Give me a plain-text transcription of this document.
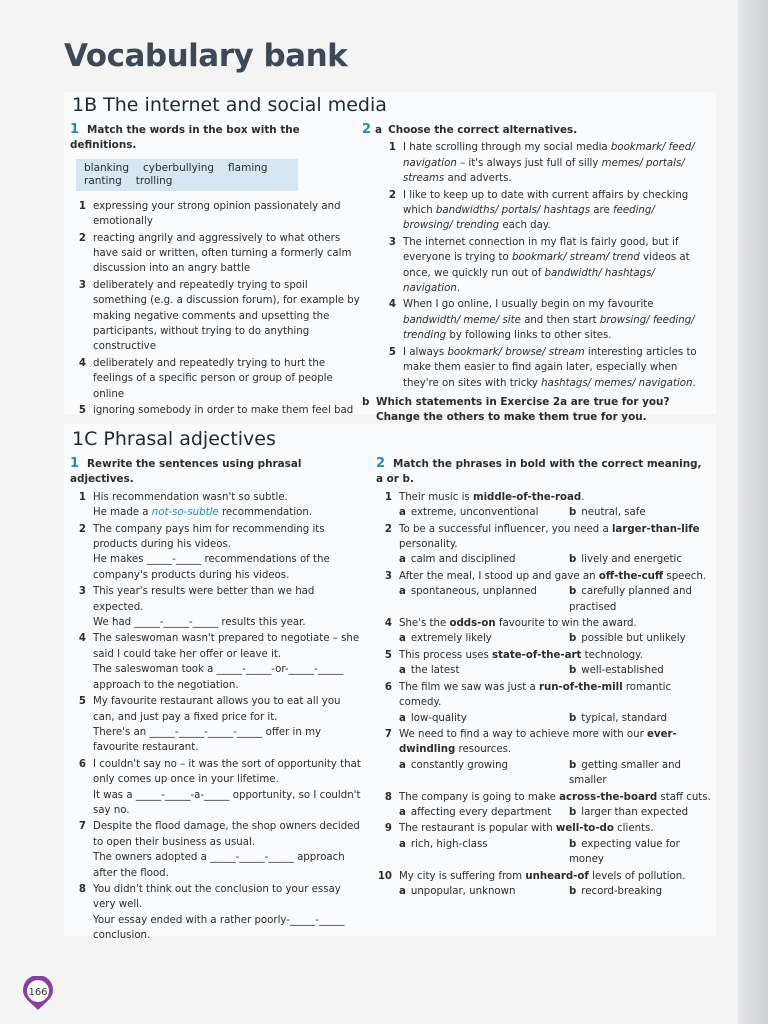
Vocabulary bank
1B The internet and social media
1 Match the words in the box with the definitions.
blanking cyberbullying flaming
ranting trolling
1 expressing your strong opinion passionately and emotionally
2 reacting angrily and aggressively to what others have said or written, often turning a formerly calm discussion into an angry battle
3 deliberately and repeatedly trying to spoil something (e.g. a discussion forum), for example by making negative comments and upsetting the participants, without trying to do anything constructive
4 deliberately and repeatedly trying to hurt the feelings of a specific person or group of people online
5 ignoring somebody in order to make them feel bad
2 a Choose the correct alternatives.
1 I hate scrolling through my social media bookmark/ feed/ navigation – it's always just full of silly memes/ portals/ streams and adverts.
2 I like to keep up to date with current affairs by checking which bandwidths/ portals/ hashtags are feeding/ browsing/ trending each day.
3 The internet connection in my flat is fairly good, but if everyone is trying to bookmark/ stream/ trend videos at once, we quickly run out of bandwidth/ hashtags/ navigation.
4 When I go online, I usually begin on my favourite bandwidth/ meme/ site and then start browsing/ feeding/ trending by following links to other sites.
5 I always bookmark/ browse/ stream interesting articles to make them easier to find again later, especially when they're on sites with tricky hashtags/ memes/ navigation.
b Which statements in Exercise 2a are true for you? Change the others to make them true for you.
1C Phrasal adjectives
1 Rewrite the sentences using phrasal adjectives.
1 His recommendation wasn't so subtle.
He made a not-so-subtle recommendation.
2 The company pays him for recommending its products during his videos.
He makes _____-_____ recommendations of the company's products during his videos.
3 This year's results were better than we had expected.
We had _____-_____-_____ results this year.
4 The saleswoman wasn't prepared to negotiate – she said I could take her offer or leave it.
The saleswoman took a _____-_____-or-_____-_____ approach to the negotiation.
5 My favourite restaurant allows you to eat all you can, and just pay a fixed price for it.
There's an _____-_____-_____-_____ offer in my favourite restaurant.
6 I couldn't say no – it was the sort of opportunity that only comes up once in your lifetime.
It was a _____-_____-a-_____ opportunity, so I couldn't say no.
7 Despite the flood damage, the shop owners decided to open their business as usual.
The owners adopted a _____-_____-_____ approach after the flood.
8 You didn't think out the conclusion to your essay very well.
Your essay ended with a rather poorly-_____-_____ conclusion.
2 Match the phrases in bold with the correct meaning, a or b.
1 Their music is middle-of-the-road.
a extreme, unconventional	b neutral, safe
2 To be a successful influencer, you need a larger-than-life personality.
a calm and disciplined	b lively and energetic
3 After the meal, I stood up and gave an off-the-cuff speech.
a spontaneous, unplanned	b carefully planned and practised
4 She's the odds-on favourite to win the award.
a extremely likely	b possible but unlikely
5 This process uses state-of-the-art technology.
a the latest	b well-established
6 The film we saw was just a run-of-the-mill romantic comedy.
a low-quality	b typical, standard
7 We need to find a way to achieve more with our ever-dwindling resources.
a constantly growing	b getting smaller and smaller
8 The company is going to make across-the-board staff cuts.
a affecting every department	b larger than expected
9 The restaurant is popular with well-to-do clients.
a rich, high-class	b expecting value for money
10 My city is suffering from unheard-of levels of pollution.
a unpopular, unknown	b record-breaking
166
